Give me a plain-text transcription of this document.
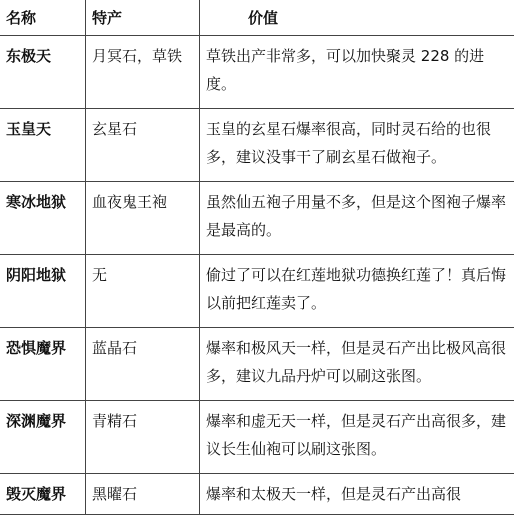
名称	特产	价值

东极天	月冥石，草铁	草铁出产非常多，可以加快聚灵 228 的进度。

玉皇天	玄星石	玉皇的玄星石爆率很高，同时灵石给的也很多，建议没事干了刷玄星石做袍子。

寒冰地狱	血夜鬼王袍	虽然仙五袍子用量不多，但是这个图袍子爆率是最高的。

阴阳地狱	无	偷过了可以在红莲地狱功德换红莲了！真后悔以前把红莲卖了。

恐惧魔界	蓝晶石	爆率和极风天一样，但是灵石产出比极风高很多，建议九品丹炉可以刷这张图。

深渊魔界	青精石	爆率和虚无天一样，但是灵石产出高很多，建议长生仙袍可以刷这张图。

毁灭魔界	黑曜石	爆率和太极天一样，但是灵石产出高很
